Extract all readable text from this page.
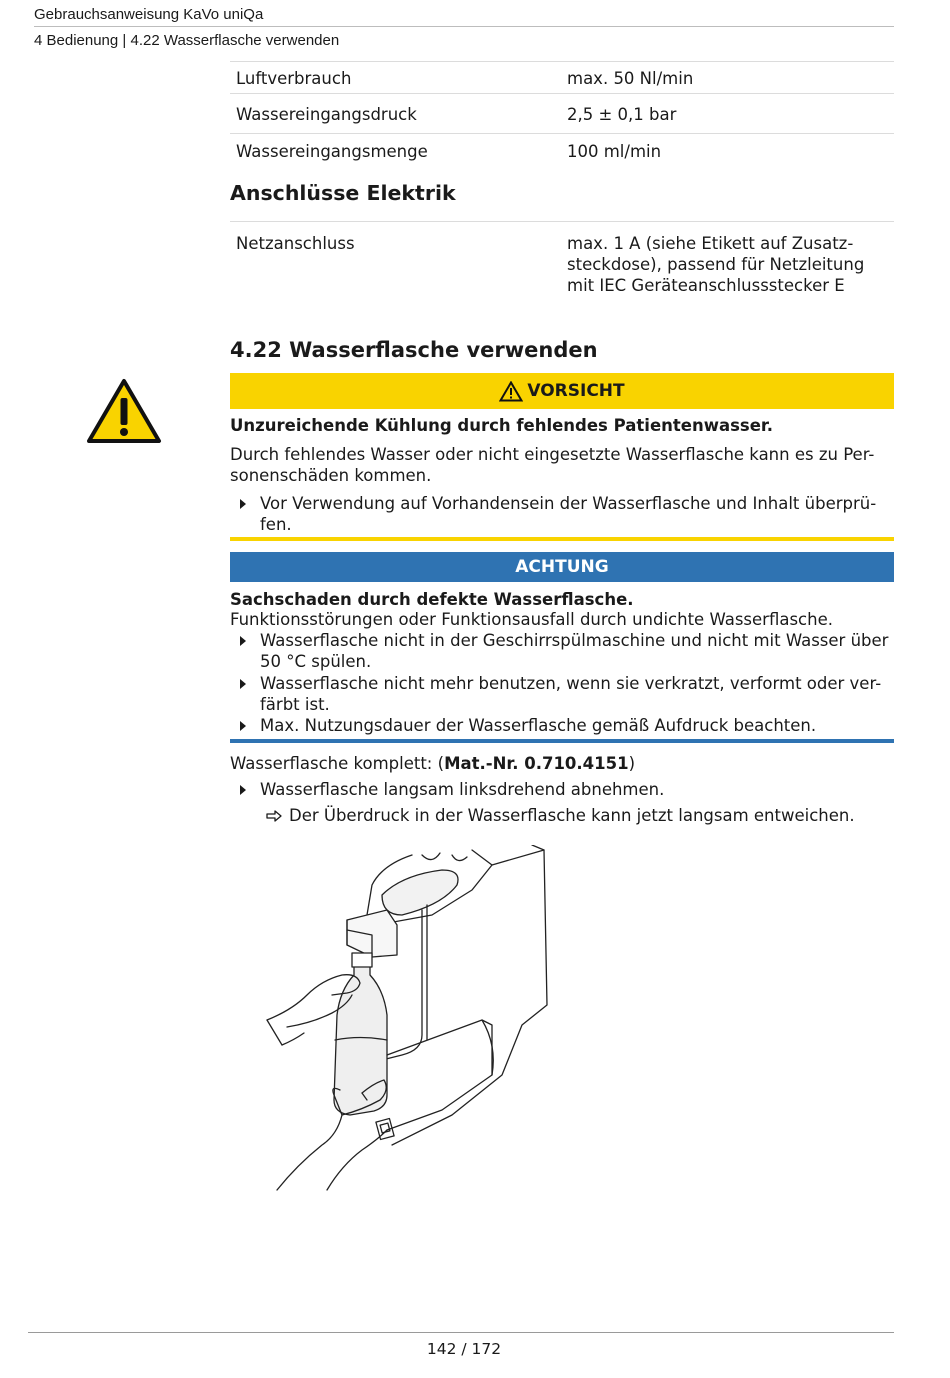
Gebrauchsanweisung KaVo uniQa
4 Bedienung | 4.22 Wasserflasche verwenden
Luftverbrauch	max. 50 Nl/min
Wassereingangsdruck	2,5 ± 0,1 bar
Wassereingangsmenge	100 ml/min
Anschlüsse Elektrik
Netzanschluss	max. 1 A (siehe Etikett auf Zusatz-
steckdose), passend für Netzleitung
mit IEC Geräteanschlussstecker E
4.22 Wasserflasche verwenden
VORSICHT
Unzureichende Kühlung durch fehlendes Patientenwasser.
Durch fehlendes Wasser oder nicht eingesetzte Wasserflasche kann es zu Per-
sonenschäden kommen.
Vor Verwendung auf Vorhandensein der Wasserflasche und Inhalt überprü-
fen.
ACHTUNG
Sachschaden durch defekte Wasserflasche.
Funktionsstörungen oder Funktionsausfall durch undichte Wasserflasche.
Wasserflasche nicht in der Geschirrspülmaschine und nicht mit Wasser über
50 °C spülen.
Wasserflasche nicht mehr benutzen, wenn sie verkratzt, verformt oder ver-
färbt ist.
Max. Nutzungsdauer der Wasserflasche gemäß Aufdruck beachten.
Wasserflasche komplett: (Mat.-Nr. 0.710.4151)
Wasserflasche langsam linksdrehend abnehmen.
Der Überdruck in der Wasserflasche kann jetzt langsam entweichen.
142 / 172
